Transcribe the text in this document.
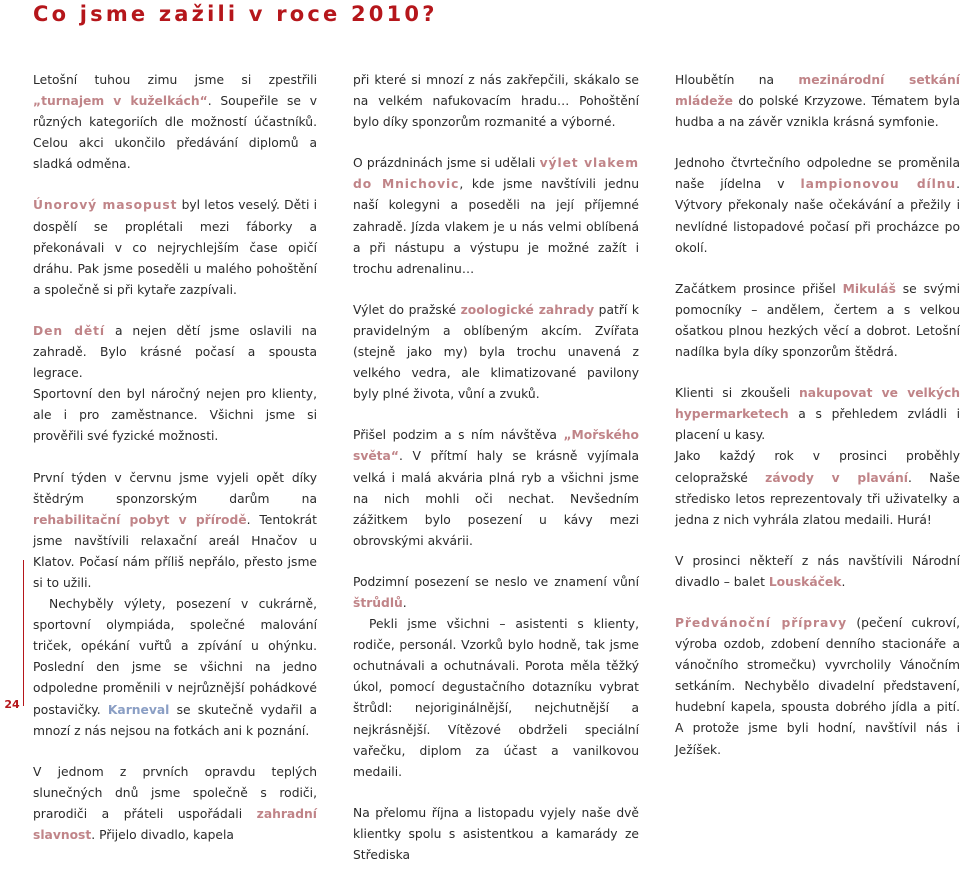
Co jsme zažili v roce 2010?
24

Letošní tuhou zimu jsme si zpestřili „turnajem v kuželkách“. Soupeřile se v různých kategoriích dle možností účastníků. Celou akci ukončilo předávání diplomů a sladká odměna.

Únorový masopust byl letos veselý. Děti i dospělí se proplétali mezi fáborky a překonávali v co nejrychlejším čase opičí dráhu. Pak jsme poseděli u malého pohoštění a společně si při kytaře zazpívali.

Den dětí a nejen dětí jsme oslavili na zahradě. Bylo krásné počasí a spousta legrace.

Sportovní den byl náročný nejen pro klienty, ale i pro zaměstnance. Všichni jsme si prověřili své fyzické možnosti.

První týden v červnu jsme vyjeli opět díky štědrým sponzorským darům na rehabilitační pobyt v přírodě. Tentokrát jsme navštívili relaxační areál Hnačov u Klatov. Počasí nám příliš nepřálo, přesto jsme si to užili.

Nechyběly výlety, posezení v cukrárně, sportovní olympiáda, společné malování triček, opékání vuřtů a zpívání u ohýnku. Poslední den jsme se všichni na jedno odpoledne proměnili v nejrůznější pohádkové postavičky. Karneval se skutečně vydařil a mnozí z nás nejsou na fotkách ani k poznání.

V jednom z prvních opravdu teplých slunečných dnů jsme společně s rodiči, prarodiči a přáteli uspořádali zahradní slavnost. Přijelo divadlo, kapela

při které si mnozí z nás zakřepčili, skákalo se na velkém nafukovacím hradu… Pohoštění bylo díky sponzorům rozmanité a výborné.

O prázdninách jsme si udělali výlet vlakem do Mnichovic, kde jsme navštívili jednu naší kolegyni a poseděli na její příjemné zahradě. Jízda vlakem je u nás velmi oblíbená a při nástupu a výstupu je možné zažít i trochu adrenalinu…

Výlet do pražské zoologické zahrady patří k pravidelným a oblíbeným akcím. Zvířata (stejně jako my) byla trochu unavená z velkého vedra, ale klimatizované pavilony byly plné života, vůní a zvuků.

Přišel podzim a s ním návštěva „Mořského světa“. V přítmí haly se krásně vyjímala velká i malá akvária plná ryb a všichni jsme na nich mohli oči nechat. Nevšedním zážitkem bylo posezení u kávy mezi obrovskými akvárii.

Podzimní posezení se neslo ve znamení vůní štrůdlů.

Pekli jsme všichni – asistenti s klienty, rodiče, personál. Vzorků bylo hodně, tak jsme ochutnávali a ochutnávali. Porota měla těžký úkol, pomocí degustačního dotazníku vybrat štrůdl: nejoriginálnější, nejchutnější a nejkrásnější. Vítězové obdrželi speciální vařečku, diplom za účast a vanilkovou medaili.

Na přelomu října a listopadu vyjely naše dvě klientky spolu s asistentkou a kamarády ze Střediska

Hloubětín na mezinárodní setkání mládeže do polské Krzyzowe. Tématem byla hudba a na závěr vznikla krásná symfonie.

Jednoho čtvrtečního odpoledne se proměnila naše jídelna v lampionovou dílnu. Výtvory překonaly naše očekávání a přežily i nevlídné listopadové počasí při procházce po okolí.

Začátkem prosince přišel Mikuláš se svými pomocníky – andělem, čertem a s velkou ošatkou plnou hezkých věcí a dobrot. Letošní nadílka byla díky sponzorům štědrá.

Klienti si zkoušeli nakupovat ve velkých hypermarketech a s přehledem zvládli i placení u kasy.

Jako každý rok v prosinci proběhly celopražské závody v plavání. Naše středisko letos reprezentovaly tři uživatelky a jedna z nich vyhrála zlatou medaili. Hurá!

V prosinci někteří z nás navštívili Národní divadlo – balet Louskáček.

Předvánoční přípravy (pečení cukroví, výroba ozdob, zdobení denního stacionáře a vánočního stromečku) vyvrcholily Vánočním setkáním. Nechybělo divadelní představení, hudební kapela, spousta dobrého jídla a pití. A protože jsme byli hodní, navštívil nás i Ježíšek.
